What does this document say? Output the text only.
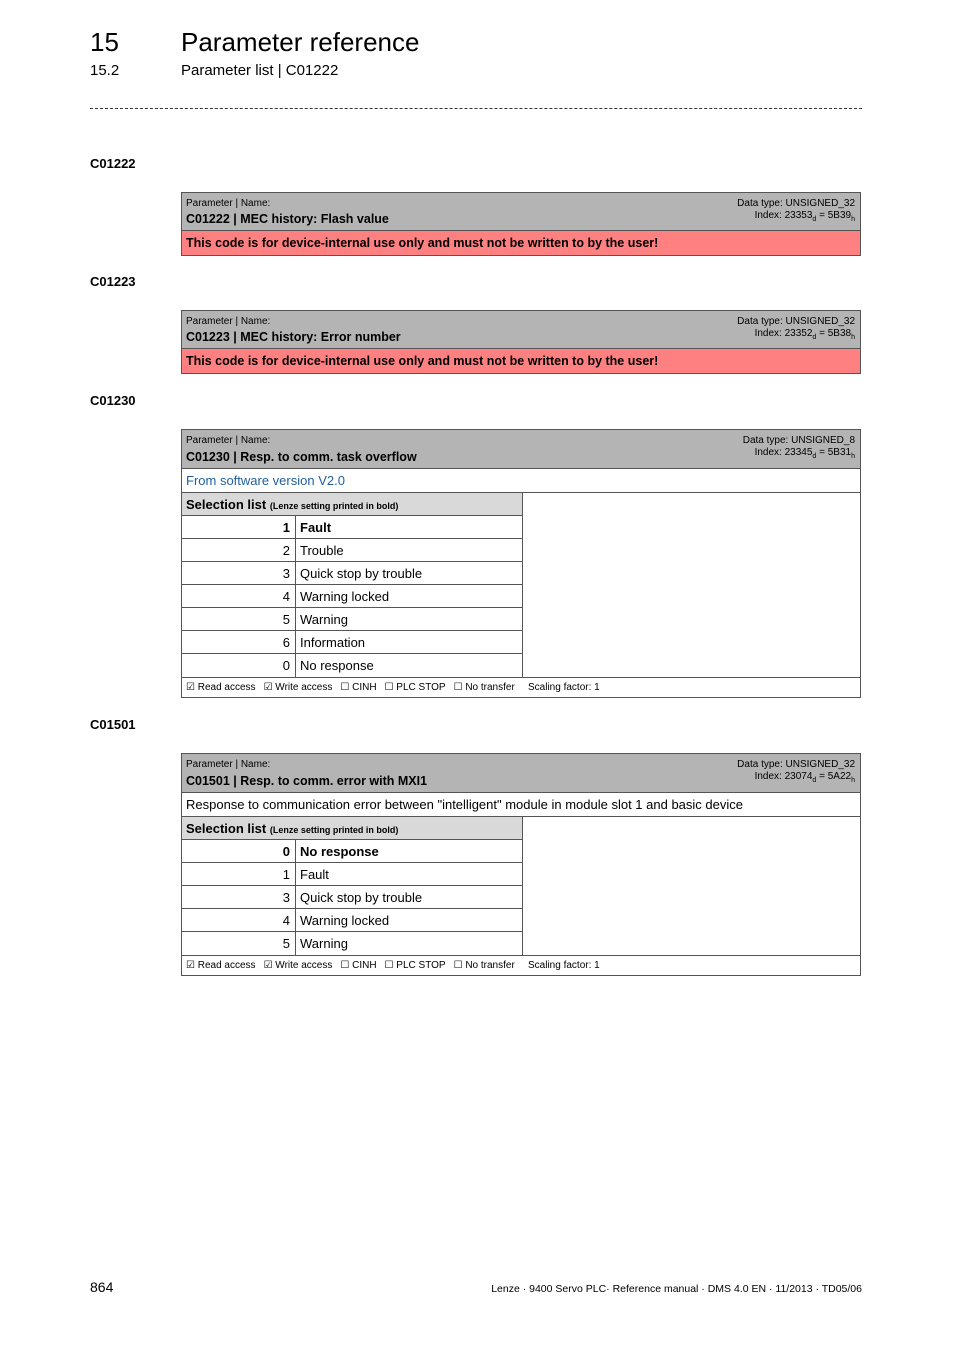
15 Parameter reference
15.2	Parameter list | C01222
C01222
Parameter | Name:
C01222 | MEC history: Flash value
Data type: UNSIGNED_32
Index: $23353_d = 5B39_h$
This code is for device-internal use only and must not be written to by the user!
C01223
Parameter | Name:
C01223 | MEC history: Error number
Data type: UNSIGNED_32
Index: $23352_d = 5B38_h$
This code is for device-internal use only and must not be written to by the user!
C01230
Parameter | Name:
C01230 | Resp. to comm. task overflow
Data type: UNSIGNED_8
Index: $23345_d = 5B31_h$
From software version V2.0
Selection list (Lenze setting printed in bold)
1 Fault
2 Trouble
3 Quick stop by trouble
4 Warning locked
5 Warning
6 Information
0 No response
☑ Read access ☑ Write access ☐ CINH ☐ PLC STOP ☐ No transfer Scaling factor: 1
C01501
Parameter | Name:
C01501 | Resp. to comm. error with MXI1
Data type: UNSIGNED_32
Index: $23074_d = 5A22_h$
Response to communication error between "intelligent" module in module slot 1 and basic device
Selection list (Lenze setting printed in bold)
0 No response
1 Fault
3 Quick stop by trouble
4 Warning locked
5 Warning
☑ Read access ☑ Write access ☐ CINH ☐ PLC STOP ☐ No transfer Scaling factor: 1
864	Lenze · 9400 Servo PLC· Reference manual · DMS 4.0 EN · 11/2013 · TD05/06
